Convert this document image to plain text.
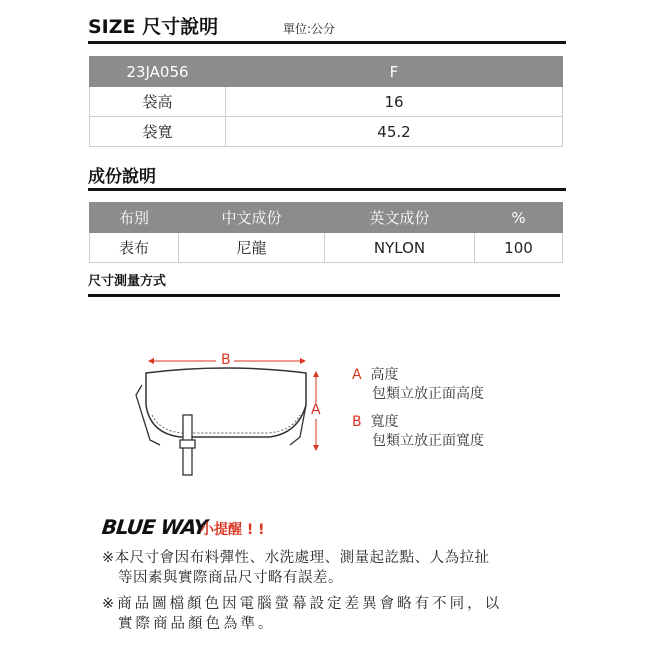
SIZE 尺寸說明	單位:公分
23JA056	F
袋高	16
袋寬	45.2
成份說明
布別	中文成份	英文成份	%
表布	尼龍	NYLON	100
尺寸測量方式
B
A
A 高度
包類立放正面高度
B 寬度
包類立放正面寬度
BLUE WAY
小提醒 ! !
※本尺寸會因布料彈性、水洗處理、測量起訖點、人為拉扯
等因素與實際商品尺寸略有誤差。
※商品圖檔顏色因電腦螢幕設定差異會略有不同，以
實際商品顏色為準。
